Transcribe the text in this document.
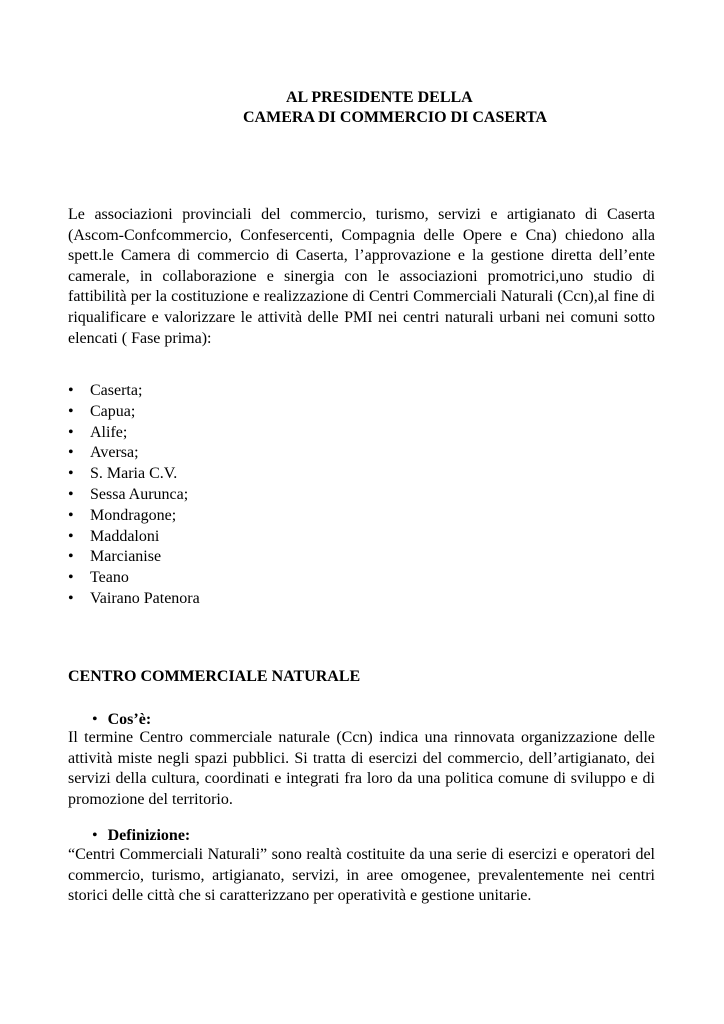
AL PRESIDENTE DELLA
CAMERA DI COMMERCIO DI CASERTA

Le associazioni provinciali del commercio, turismo, servizi e artigianato di Caserta (Ascom-Confcommercio, Confesercenti, Compagnia delle Opere e Cna) chiedono alla spett.le Camera di commercio di Caserta, l’approvazione e la gestione diretta dell’ente camerale, in collaborazione e sinergia con le associazioni promotrici,uno studio di fattibilità per la costituzione e realizzazione di Centri Commerciali Naturali (Ccn),al fine di riqualificare e valorizzare le attività delle PMI nei centri naturali urbani nei comuni sotto elencati ( Fase prima):

• Caserta;
• Capua;
• Alife;
• Aversa;
• S. Maria C.V.
• Sessa Aurunca;
• Mondragone;
• Maddaloni
• Marcianise
• Teano
• Vairano Patenora
CENTRO COMMERCIALE NATURALE
• Cos’è:

Il termine Centro commerciale naturale (Ccn) indica una rinnovata organizzazione delle attività miste negli spazi pubblici. Si tratta di esercizi del commercio, dell’artigianato, dei servizi della cultura, coordinati e integrati fra loro da una politica comune di sviluppo e di promozione del territorio.

• Definizione:

“Centri Commerciali Naturali” sono realtà costituite da una serie di esercizi e operatori del commercio, turismo, artigianato, servizi, in aree omogenee, prevalentemente nei centri storici delle città che si caratterizzano per operatività e gestione unitarie.
